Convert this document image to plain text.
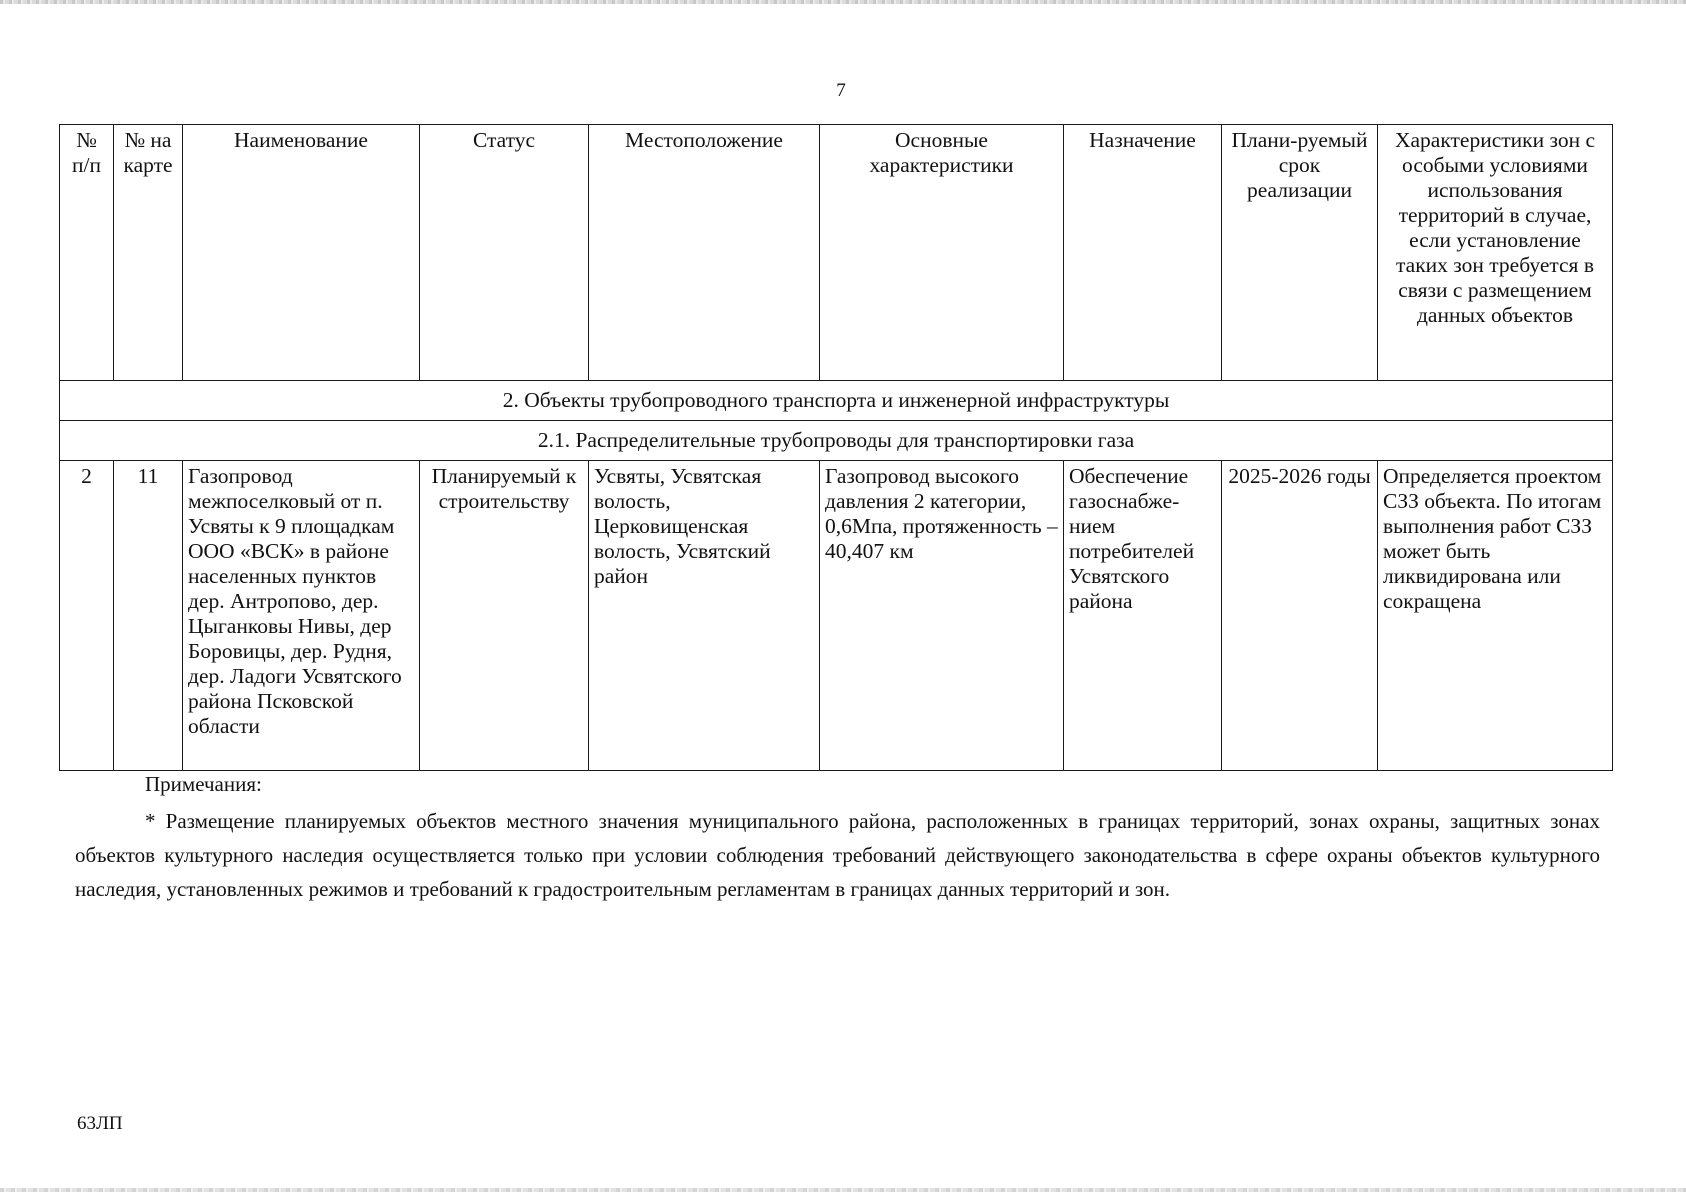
7
№ п/п	№ на карте	Наименование	Статус	Местоположение	Основные характеристики	Назначение	Плани-руемый срок реализации	Характеристики зон с особыми условиями использования территорий в случае, если установление таких зон требуется в связи с размещением данных объектов
2. Объекты трубопроводного транспорта и инженерной инфраструктуры								
2.1. Распределительные трубопроводы для транспортировки газа								
2	11	Газопровод межпоселковый от п. Усвяты к 9 площадкам ООО «ВСК» в районе населенных пунктов дер. Антропово, дер. Цыганковы Нивы, дер Боровицы, дер. Рудня, дер. Ладоги Усвятского района Псковской области	Планируемый к строительству	Усвяты, Усвятская волость, Церковищенская волость, Усвятский район	Газопровод высокого давления 2 категории, 0,6Мпа, протяженность – 40,407 км	Обеспечение газоснабже-нием потребителей Усвятского района	2025-2026 годы	Определяется проектом СЗЗ объекта. По итогам выполнения работ СЗЗ может быть ликвидирована или сокращена
Примечания:
* Размещение планируемых объектов местного значения муниципального района, расположенных в границах территорий, зонах охраны, защитных зонах объектов культурного наследия осуществляется только при условии соблюдения требований действующего законодательства в сфере охраны объектов культурного наследия, установленных режимов и требований к градостроительным регламентам в границах данных территорий и зон.
63ЛП
